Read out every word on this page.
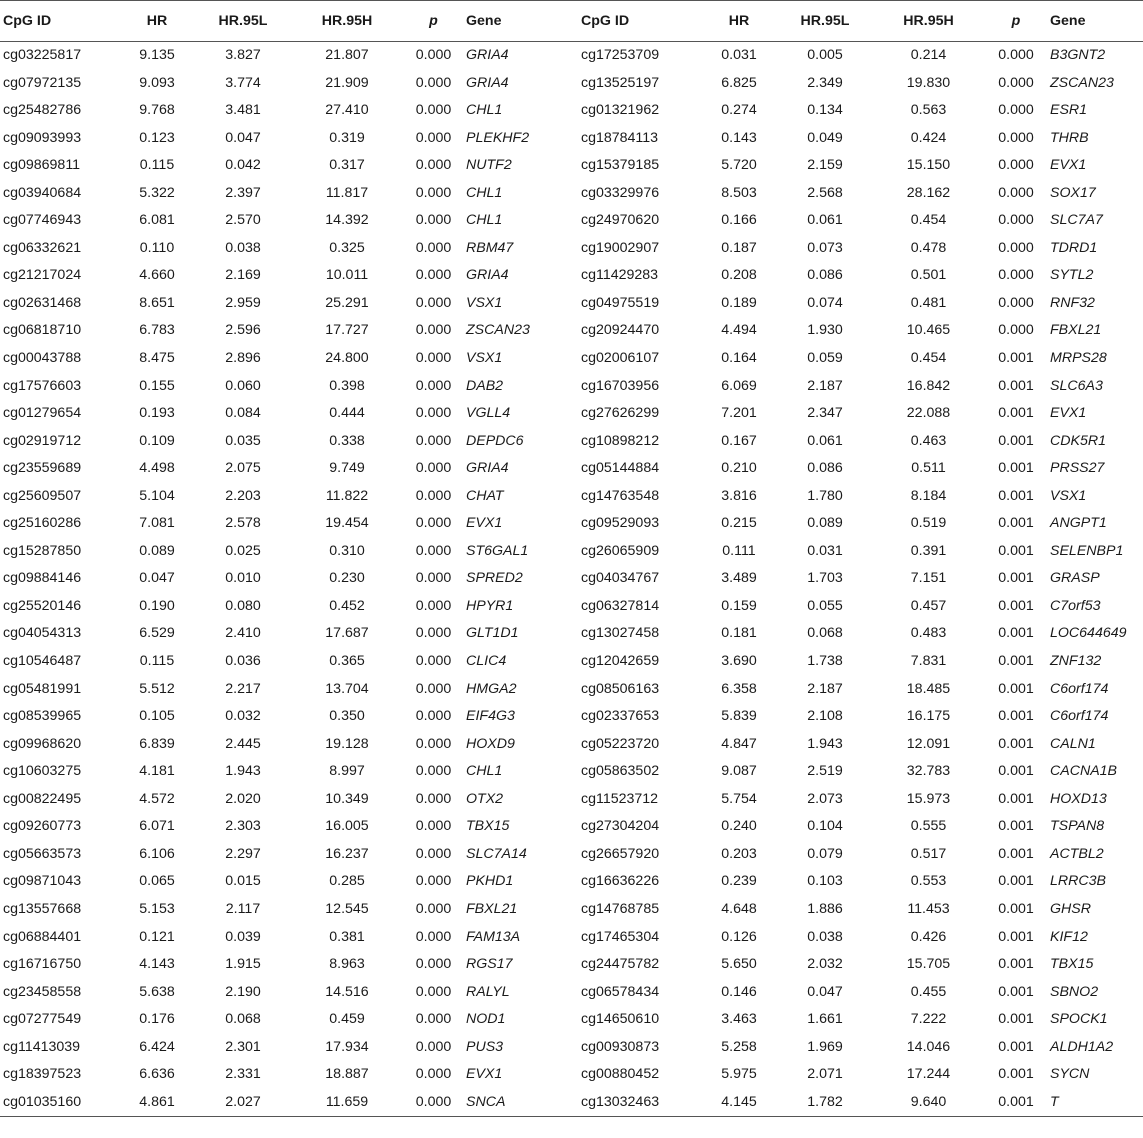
CpG ID	HR	HR.95L	HR.95H	p	Gene	CpG ID	HR	HR.95L	HR.95H	p	Gene
cg03225817	9.135	3.827	21.807	0.000	GRIA4	cg17253709	0.031	0.005	0.214	0.000	B3GNT2
cg07972135	9.093	3.774	21.909	0.000	GRIA4	cg13525197	6.825	2.349	19.830	0.000	ZSCAN23
cg25482786	9.768	3.481	27.410	0.000	CHL1	cg01321962	0.274	0.134	0.563	0.000	ESR1
cg09093993	0.123	0.047	0.319	0.000	PLEKHF2	cg18784113	0.143	0.049	0.424	0.000	THRB
cg09869811	0.115	0.042	0.317	0.000	NUTF2	cg15379185	5.720	2.159	15.150	0.000	EVX1
cg03940684	5.322	2.397	11.817	0.000	CHL1	cg03329976	8.503	2.568	28.162	0.000	SOX17
cg07746943	6.081	2.570	14.392	0.000	CHL1	cg24970620	0.166	0.061	0.454	0.000	SLC7A7
cg06332621	0.110	0.038	0.325	0.000	RBM47	cg19002907	0.187	0.073	0.478	0.000	TDRD1
cg21217024	4.660	2.169	10.011	0.000	GRIA4	cg11429283	0.208	0.086	0.501	0.000	SYTL2
cg02631468	8.651	2.959	25.291	0.000	VSX1	cg04975519	0.189	0.074	0.481	0.000	RNF32
cg06818710	6.783	2.596	17.727	0.000	ZSCAN23	cg20924470	4.494	1.930	10.465	0.000	FBXL21
cg00043788	8.475	2.896	24.800	0.000	VSX1	cg02006107	0.164	0.059	0.454	0.001	MRPS28
cg17576603	0.155	0.060	0.398	0.000	DAB2	cg16703956	6.069	2.187	16.842	0.001	SLC6A3
cg01279654	0.193	0.084	0.444	0.000	VGLL4	cg27626299	7.201	2.347	22.088	0.001	EVX1
cg02919712	0.109	0.035	0.338	0.000	DEPDC6	cg10898212	0.167	0.061	0.463	0.001	CDK5R1
cg23559689	4.498	2.075	9.749	0.000	GRIA4	cg05144884	0.210	0.086	0.511	0.001	PRSS27
cg25609507	5.104	2.203	11.822	0.000	CHAT	cg14763548	3.816	1.780	8.184	0.001	VSX1
cg25160286	7.081	2.578	19.454	0.000	EVX1	cg09529093	0.215	0.089	0.519	0.001	ANGPT1
cg15287850	0.089	0.025	0.310	0.000	ST6GAL1	cg26065909	0.111	0.031	0.391	0.001	SELENBP1
cg09884146	0.047	0.010	0.230	0.000	SPRED2	cg04034767	3.489	1.703	7.151	0.001	GRASP
cg25520146	0.190	0.080	0.452	0.000	HPYR1	cg06327814	0.159	0.055	0.457	0.001	C7orf53
cg04054313	6.529	2.410	17.687	0.000	GLT1D1	cg13027458	0.181	0.068	0.483	0.001	LOC644649
cg10546487	0.115	0.036	0.365	0.000	CLIC4	cg12042659	3.690	1.738	7.831	0.001	ZNF132
cg05481991	5.512	2.217	13.704	0.000	HMGA2	cg08506163	6.358	2.187	18.485	0.001	C6orf174
cg08539965	0.105	0.032	0.350	0.000	EIF4G3	cg02337653	5.839	2.108	16.175	0.001	C6orf174
cg09968620	6.839	2.445	19.128	0.000	HOXD9	cg05223720	4.847	1.943	12.091	0.001	CALN1
cg10603275	4.181	1.943	8.997	0.000	CHL1	cg05863502	9.087	2.519	32.783	0.001	CACNA1B
cg00822495	4.572	2.020	10.349	0.000	OTX2	cg11523712	5.754	2.073	15.973	0.001	HOXD13
cg09260773	6.071	2.303	16.005	0.000	TBX15	cg27304204	0.240	0.104	0.555	0.001	TSPAN8
cg05663573	6.106	2.297	16.237	0.000	SLC7A14	cg26657920	0.203	0.079	0.517	0.001	ACTBL2
cg09871043	0.065	0.015	0.285	0.000	PKHD1	cg16636226	0.239	0.103	0.553	0.001	LRRC3B
cg13557668	5.153	2.117	12.545	0.000	FBXL21	cg14768785	4.648	1.886	11.453	0.001	GHSR
cg06884401	0.121	0.039	0.381	0.000	FAM13A	cg17465304	0.126	0.038	0.426	0.001	KIF12
cg16716750	4.143	1.915	8.963	0.000	RGS17	cg24475782	5.650	2.032	15.705	0.001	TBX15
cg23458558	5.638	2.190	14.516	0.000	RALYL	cg06578434	0.146	0.047	0.455	0.001	SBNO2
cg07277549	0.176	0.068	0.459	0.000	NOD1	cg14650610	3.463	1.661	7.222	0.001	SPOCK1
cg11413039	6.424	2.301	17.934	0.000	PUS3	cg00930873	5.258	1.969	14.046	0.001	ALDH1A2
cg18397523	6.636	2.331	18.887	0.000	EVX1	cg00880452	5.975	2.071	17.244	0.001	SYCN
cg01035160	4.861	2.027	11.659	0.000	SNCA	cg13032463	4.145	1.782	9.640	0.001	T
